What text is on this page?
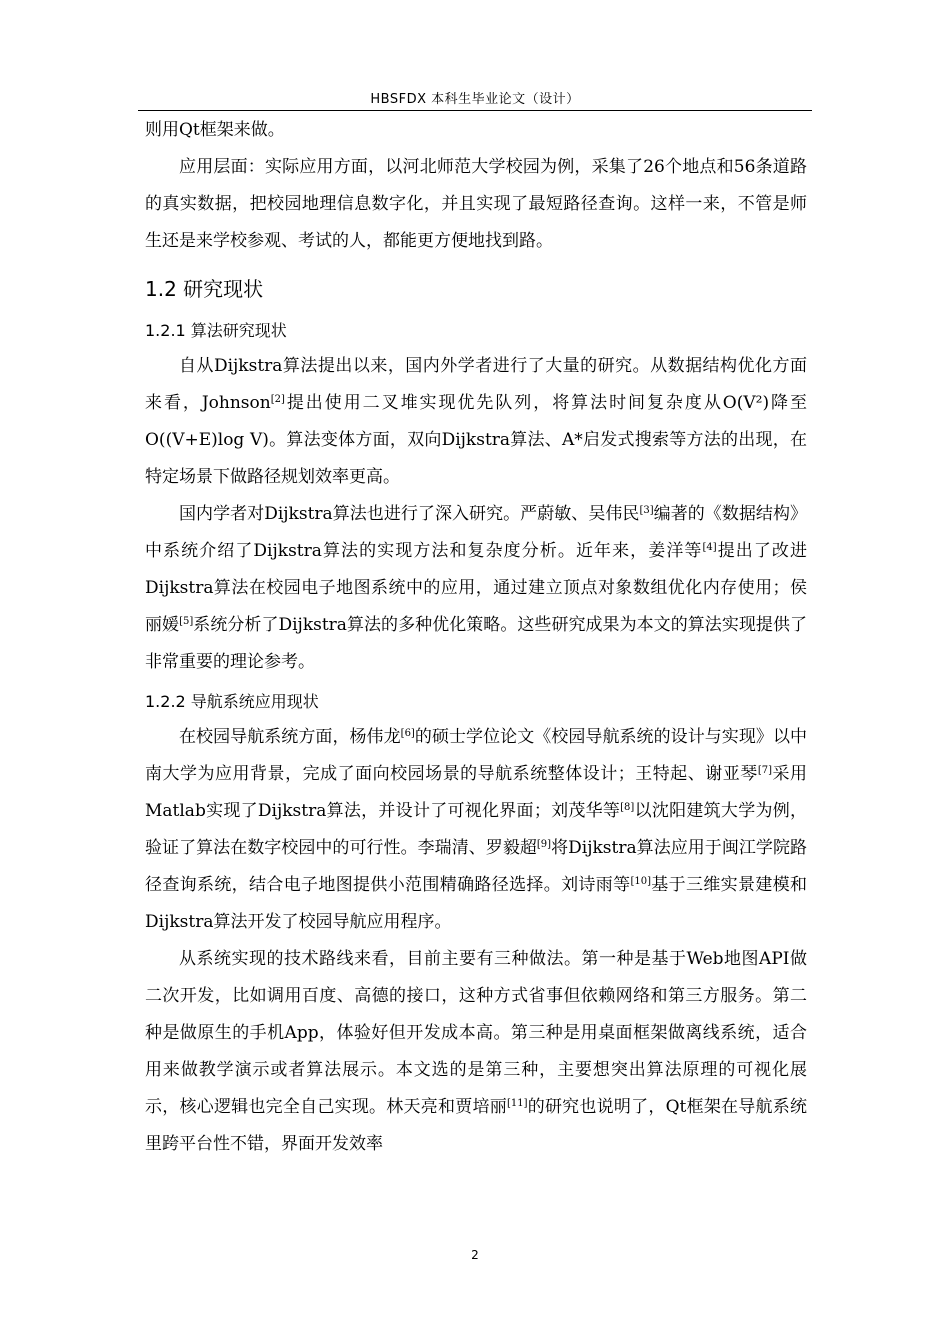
HBSFDX 本科生毕业论文（设计）

则用Qt框架来做。

应用层面：实际应用方面，以河北师范大学校园为例，采集了26个地点和56条道路的真实数据，把校园地理信息数字化，并且实现了最短路径查询。这样一来，不管是师生还是来学校参观、考试的人，都能更方便地找到路。

1.2 研究现状
1.2.1 算法研究现状

自从Dijkstra算法提出以来，国内外学者进行了大量的研究。从数据结构优化方面来看，Johnson[2]提出使用二叉堆实现优先队列，将算法时间复杂度从O(V²)降至O((V+E)log V)。算法变体方面，双向Dijkstra算法、A*启发式搜索等方法的出现，在特定场景下做路径规划效率更高。

国内学者对Dijkstra算法也进行了深入研究。严蔚敏、吴伟民[3]编著的《数据结构》中系统介绍了Dijkstra算法的实现方法和复杂度分析。近年来，姜洋等[4]提出了改进Dijkstra算法在校园电子地图系统中的应用，通过建立顶点对象数组优化内存使用；侯丽媛[5]系统分析了Dijkstra算法的多种优化策略。这些研究成果为本文的算法实现提供了非常重要的理论参考。

1.2.2 导航系统应用现状

在校园导航系统方面，杨伟龙[6]的硕士学位论文《校园导航系统的设计与实现》以中南大学为应用背景，完成了面向校园场景的导航系统整体设计；王特起、谢亚琴[7]采用Matlab实现了Dijkstra算法，并设计了可视化界面；刘茂华等[8]以沈阳建筑大学为例，验证了算法在数字校园中的可行性。李瑞清、罗毅超[9]将Dijkstra算法应用于闽江学院路径查询系统，结合电子地图提供小范围精确路径选择。刘诗雨等[10]基于三维实景建模和Dijkstra算法开发了校园导航应用程序。

从系统实现的技术路线来看，目前主要有三种做法。第一种是基于Web地图API做二次开发，比如调用百度、高德的接口，这种方式省事但依赖网络和第三方服务。第二种是做原生的手机App，体验好但开发成本高。第三种是用桌面框架做离线系统，适合用来做教学演示或者算法展示。本文选的是第三种，主要想突出算法原理的可视化展示，核心逻辑也完全自己实现。林天亮和贾培丽[11]的研究也说明了，Qt框架在导航系统里跨平台性不错，界面开发效率

2
